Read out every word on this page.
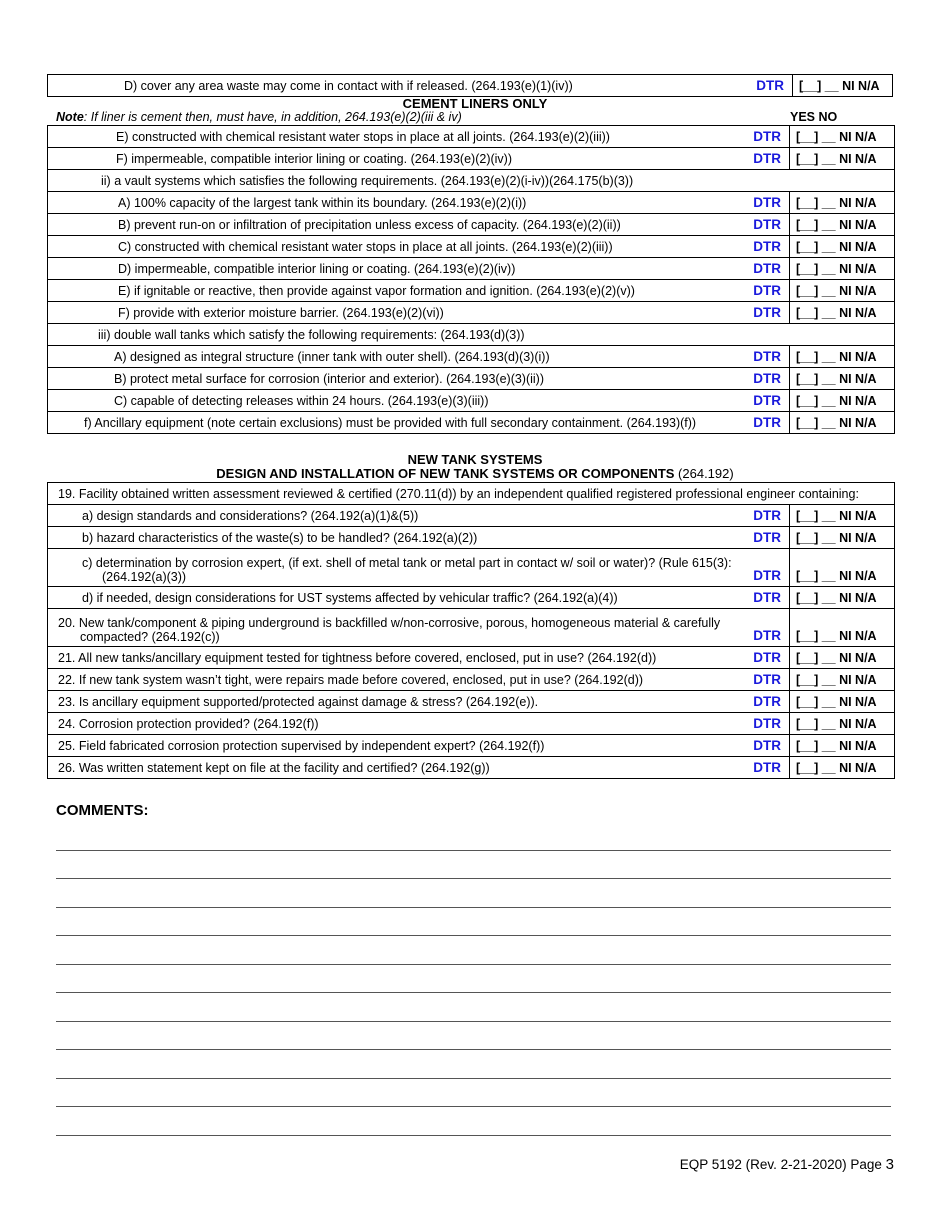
D) cover any area waste may come in contact with if released. (264.193(e)(1)(iv))	DTR	[__] __ NI N/A
CEMENT LINERS ONLY
Note: If liner is cement then, must have, in addition, 264.193(e)(2)(iii & iv)	YES NO
E) constructed with chemical resistant water stops in place at all joints. (264.193(e)(2)(iii))	DTR	[__] __ NI N/A
F) impermeable, compatible interior lining or coating. (264.193(e)(2)(iv))	DTR	[__] __ NI N/A
ii) a vault systems which satisfies the following requirements. (264.193(e)(2)(i-iv))(264.175(b)(3))		
A) 100% capacity of the largest tank within its boundary. (264.193(e)(2)(i))	DTR	[__] __ NI N/A
B) prevent run-on or infiltration of precipitation unless excess of capacity. (264.193(e)(2)(ii))	DTR	[__] __ NI N/A
C) constructed with chemical resistant water stops in place at all joints. (264.193(e)(2)(iii))	DTR	[__] __ NI N/A
D) impermeable, compatible interior lining or coating. (264.193(e)(2)(iv))	DTR	[__] __ NI N/A
E) if ignitable or reactive, then provide against vapor formation and ignition. (264.193(e)(2)(v))	DTR	[__] __ NI N/A
F) provide with exterior moisture barrier. (264.193(e)(2)(vi))	DTR	[__] __ NI N/A
iii) double wall tanks which satisfy the following requirements: (264.193(d)(3))		
A) designed as integral structure (inner tank with outer shell). (264.193(d)(3)(i))	DTR	[__] __ NI N/A
B) protect metal surface for corrosion (interior and exterior). (264.193(e)(3)(ii))	DTR	[__] __ NI N/A
C) capable of detecting releases within 24 hours. (264.193(e)(3)(iii))	DTR	[__] __ NI N/A
f) Ancillary equipment (note certain exclusions) must be provided with full secondary containment. (264.193)(f))	DTR	[__] __ NI N/A
NEW TANK SYSTEMS
DESIGN AND INSTALLATION OF NEW TANK SYSTEMS OR COMPONENTS (264.192)
19. Facility obtained written assessment reviewed & certified (270.11(d)) by an independent qualified registered professional engineer containing:		
a) design standards and considerations? (264.192(a)(1)&(5))	DTR	[__] __ NI N/A
b) hazard characteristics of the waste(s) to be handled? (264.192(a)(2))	DTR	[__] __ NI N/A

c) determination by corrosion expert, (if ext. shell of metal tank or metal part in contact w/ soil or water)? (Rule 615(3): (264.192(a)(3))	DTR	[__] __ NI N/A
d) if needed, design considerations for UST systems affected by vehicular traffic? (264.192(a)(4))	DTR	[__] __ NI N/A

20. New tank/component & piping underground is backfilled w/non-corrosive, porous, homogeneous material & carefully compacted? (264.192(c))	DTR	[__] __ NI N/A
21. All new tanks/ancillary equipment tested for tightness before covered, enclosed, put in use? (264.192(d))	DTR	[__] __ NI N/A
22. If new tank system wasn’t tight, were repairs made before covered, enclosed, put in use? (264.192(d))	DTR	[__] __ NI N/A
23. Is ancillary equipment supported/protected against damage & stress? (264.192(e)).	DTR	[__] __ NI N/A
24. Corrosion protection provided? (264.192(f))	DTR	[__] __ NI N/A
25. Field fabricated corrosion protection supervised by independent expert? (264.192(f))	DTR	[__] __ NI N/A
26. Was written statement kept on file at the facility and certified? (264.192(g))	DTR	[__] __ NI N/A
COMMENTS:
EQP 5192 (Rev. 2-21-2020) Page 3
